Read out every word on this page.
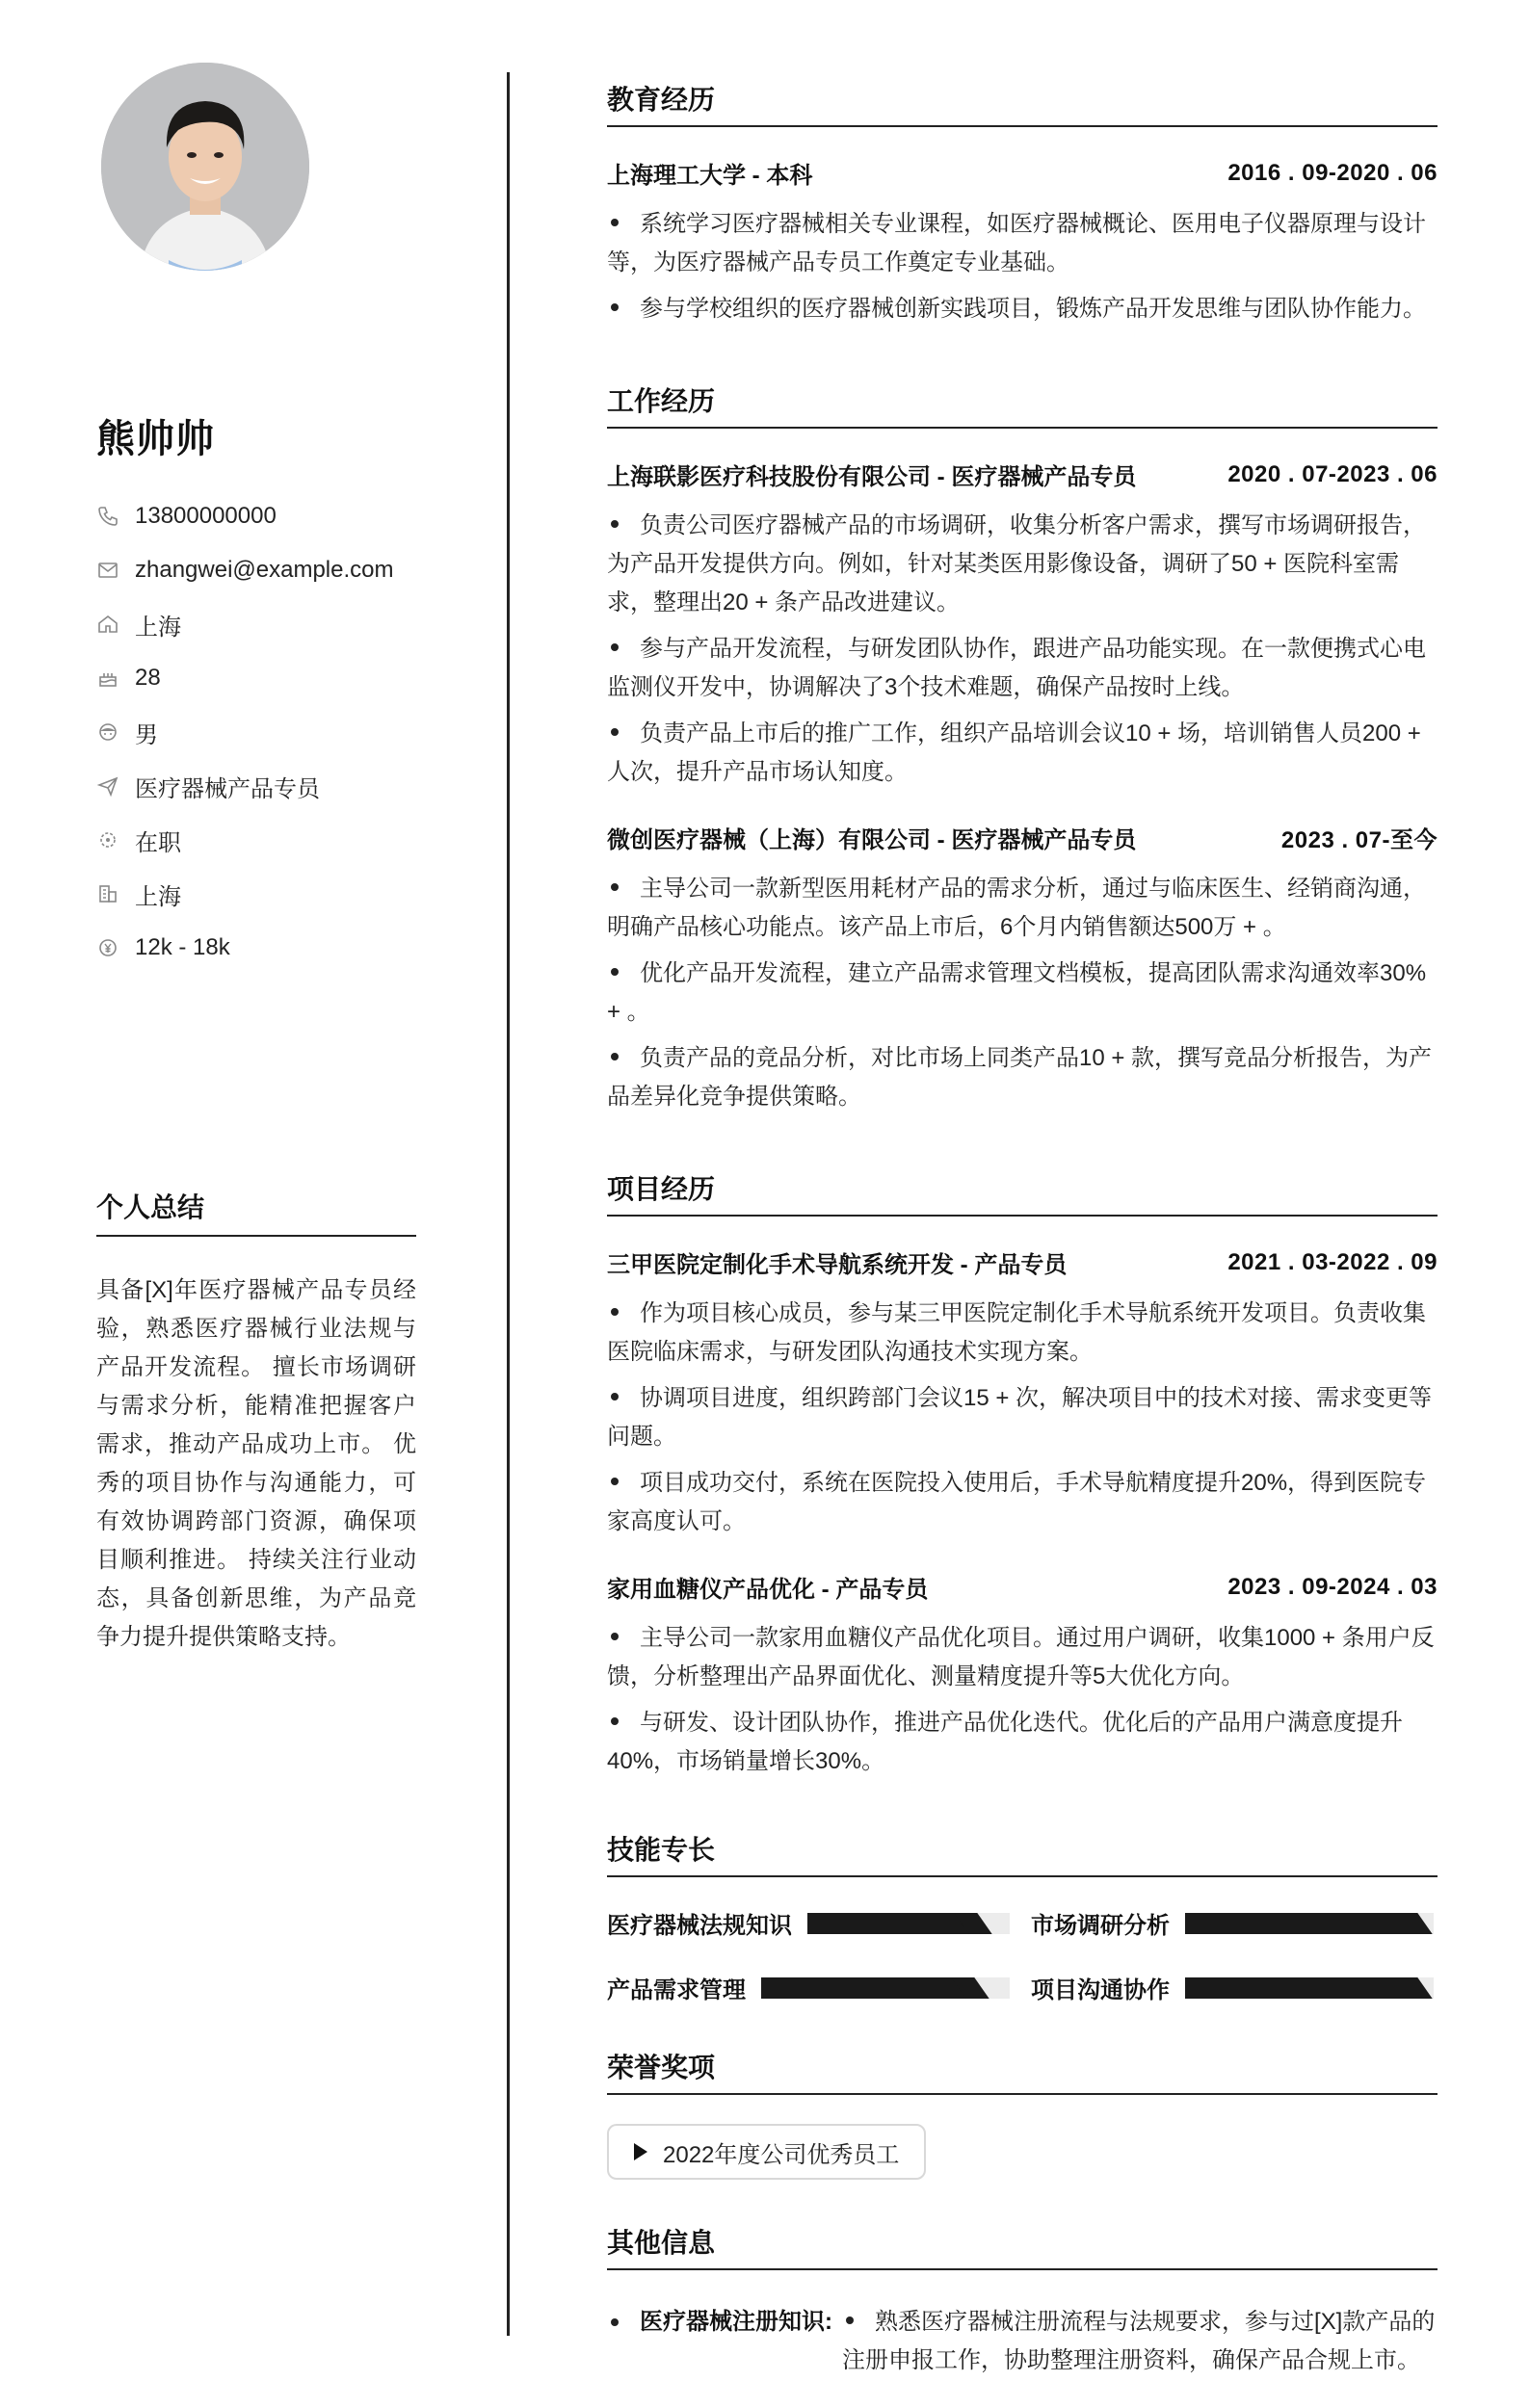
熊帅帅
13800000000
zhangwei@example.com
上海
28
男
医疗器械产品专员
在职
上海
12k - 18k
个人总结

具备[X]年医疗器械产品专员经验，熟悉医疗器械行业法规与产品开发流程。 擅长市场调研与需求分析，能精准把握客户需求，推动产品成功上市。 优秀的项目协作与沟通能力，可有效协调跨部门资源，确保项目顺利推进。 持续关注行业动态，具备创新思维，为产品竞争力提升提供策略支持。

教育经历
上海理工大学 - 本科	2016 . 09-2020 . 06
系统学习医疗器械相关专业课程，如医疗器械概论、医用电子仪器原理与设计等，为医疗器械产品专员工作奠定专业基础。
参与学校组织的医疗器械创新实践项目，锻炼产品开发思维与团队协作能力。
工作经历
上海联影医疗科技股份有限公司 - 医疗器械产品专员	2020 . 07-2023 . 06
负责公司医疗器械产品的市场调研，收集分析客户需求，撰写市场调研报告，为产品开发提供方向。例如，针对某类医用影像设备，调研了50 + 医院科室需求，整理出20 + 条产品改进建议。
参与产品开发流程，与研发团队协作，跟进产品功能实现。在一款便携式心电监测仪开发中，协调解决了3个技术难题，确保产品按时上线。
负责产品上市后的推广工作，组织产品培训会议10 + 场，培训销售人员200 + 人次，提升产品市场认知度。
微创医疗器械（上海）有限公司 - 医疗器械产品专员	2023 . 07-至今
主导公司一款新型医用耗材产品的需求分析，通过与临床医生、经销商沟通，明确产品核心功能点。该产品上市后，6个月内销售额达500万 + 。
优化产品开发流程，建立产品需求管理文档模板，提高团队需求沟通效率30% + 。
负责产品的竞品分析，对比市场上同类产品10 + 款，撰写竞品分析报告，为产品差异化竞争提供策略。
项目经历
三甲医院定制化手术导航系统开发 - 产品专员	2021 . 03-2022 . 09
作为项目核心成员，参与某三甲医院定制化手术导航系统开发项目。负责收集医院临床需求，与研发团队沟通技术实现方案。
协调项目进度，组织跨部门会议15 + 次，解决项目中的技术对接、需求变更等问题。
项目成功交付，系统在医院投入使用后，手术导航精度提升20%，得到医院专家高度认可。
家用血糖仪产品优化 - 产品专员	2023 . 09-2024 . 03
主导公司一款家用血糖仪产品优化项目。通过用户调研，收集1000 + 条用户反馈，分析整理出产品界面优化、测量精度提升等5大优化方向。
与研发、设计团队协作，推进产品优化迭代。优化后的产品用户满意度提升40%，市场销量增长30%。
技能专长
医疗器械法规知识	市场调研分析
产品需求管理	项目沟通协作
荣誉奖项
2022年度公司优秀员工
其他信息
医疗器械注册知识:	熟悉医疗器械注册流程与法规要求，参与过[X]款产品的注册申报工作，协助整理注册资料，确保产品合规上市。
